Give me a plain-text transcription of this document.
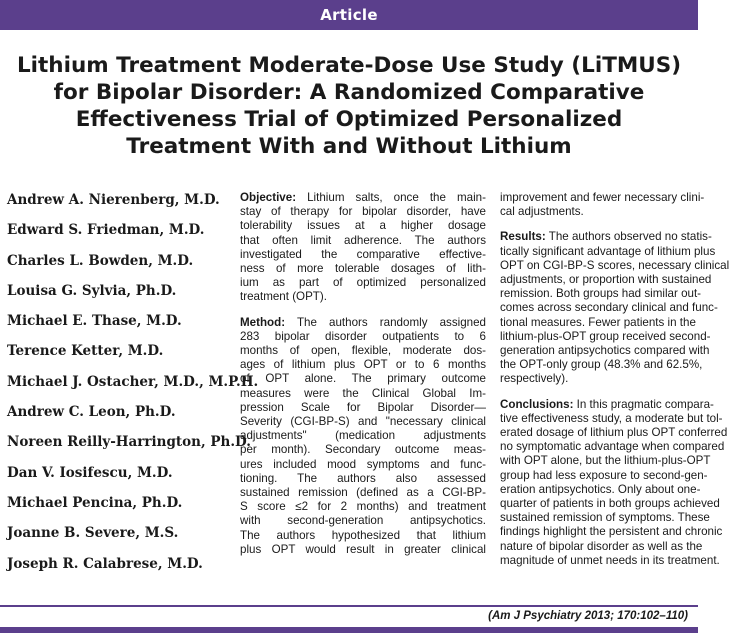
Article
Lithium Treatment Moderate-Dose Use Study (LiTMUS)
for Bipolar Disorder: A Randomized Comparative
Effectiveness Trial of Optimized Personalized
Treatment With and Without Lithium
Andrew A. Nierenberg, M.D.
Edward S. Friedman, M.D.
Charles L. Bowden, M.D.
Louisa G. Sylvia, Ph.D.
Michael E. Thase, M.D.
Terence Ketter, M.D.
Michael J. Ostacher, M.D., M.P.H.
Andrew C. Leon, Ph.D.
Noreen Reilly-Harrington, Ph.D.
Dan V. Iosifescu, M.D.
Michael Pencina, Ph.D.
Joanne B. Severe, M.S.
Joseph R. Calabrese, M.D.

Objective: Lithium salts, once the main-
stay of therapy for bipolar disorder, have
tolerability issues at a higher dosage
that often limit adherence. The authors
investigated the comparative effective-
ness of more tolerable dosages of lith-
ium as part of optimized personalized
treatment (OPT).

Method: The authors randomly assigned
283 bipolar disorder outpatients to 6
months of open, flexible, moderate dos-
ages of lithium plus OPT or to 6 months
of OPT alone. The primary outcome
measures were the Clinical Global Im-
pression Scale for Bipolar Disorder—
Severity (CGI-BP-S) and "necessary clinical
adjustments" (medication adjustments
per month). Secondary outcome meas-
ures included mood symptoms and func-
tioning. The authors also assessed
sustained remission (defined as a CGI-BP-
S score ≤2 for 2 months) and treatment
with second-generation antipsychotics.
The authors hypothesized that lithium
plus OPT would result in greater clinical

improvement and fewer necessary clini-
cal adjustments.

Results: The authors observed no statis-
tically significant advantage of lithium plus
OPT on CGI-BP-S scores, necessary clinical
adjustments, or proportion with sustained
remission. Both groups had similar out-
comes across secondary clinical and func-
tional measures. Fewer patients in the
lithium-plus-OPT group received second-
generation antipsychotics compared with
the OPT-only group (48.3% and 62.5%,
respectively).

Conclusions: In this pragmatic compara-
tive effectiveness study, a moderate but tol-
erated dosage of lithium plus OPT conferred
no symptomatic advantage when compared
with OPT alone, but the lithium-plus-OPT
group had less exposure to second-gen-
eration antipsychotics. Only about one-
quarter of patients in both groups achieved
sustained remission of symptoms. These
findings highlight the persistent and chronic
nature of bipolar disorder as well as the
magnitude of unmet needs in its treatment.

(Am J Psychiatry 2013; 170:102–110)
